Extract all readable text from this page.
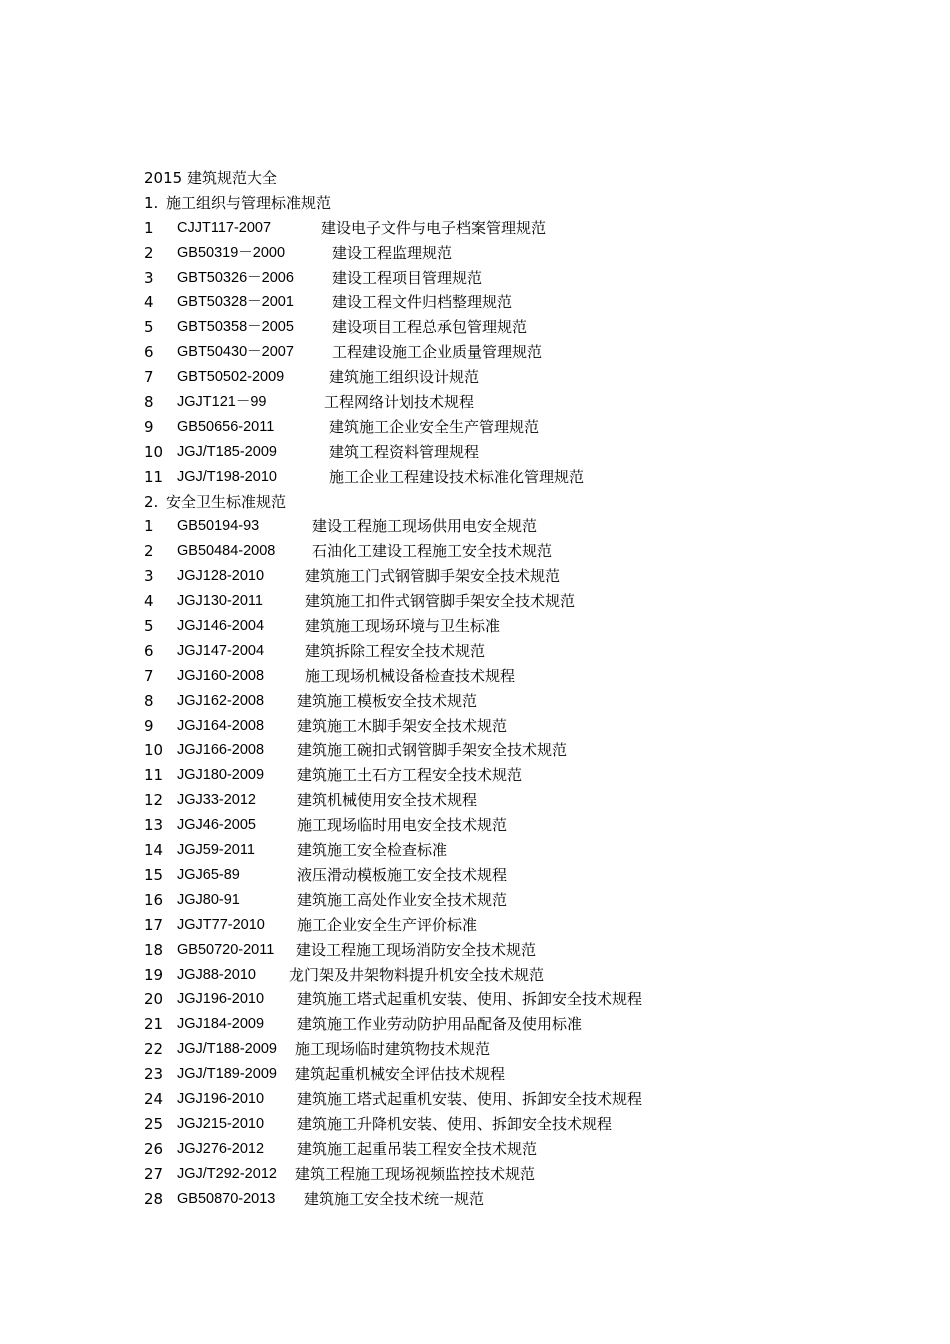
2015 建筑规范大全
1. 施工组织与管理标准规范
1 CJJT117-2007	建设电子文件与电子档案管理规范
2 GB50319－2000	建设工程监理规范
3 GBT50326－2006	建设工程项目管理规范
4 GBT50328－2001	建设工程文件归档整理规范
5 GBT50358－2005	建设项目工程总承包管理规范
6 GBT50430－2007	工程建设施工企业质量管理规范
7 GBT50502-2009	建筑施工组织设计规范
8 JGJT121－99	工程网络计划技术规程
9 GB50656-2011	建筑施工企业安全生产管理规范
10 JGJ/T185-2009	建筑工程资料管理规程
11 JGJ/T198-2010	施工企业工程建设技术标准化管理规范
2. 安全卫生标准规范
1 GB50194-93	建设工程施工现场供用电安全规范
2 GB50484-2008 石油化工建设工程施工安全技术规范
3 JGJ128-2010	建筑施工门式钢管脚手架安全技术规范
4 JGJ130-2011	建筑施工扣件式钢管脚手架安全技术规范
5 JGJ146-2004	建筑施工现场环境与卫生标准
6 JGJ147-2004	建筑拆除工程安全技术规范
7 JGJ160-2008	施工现场机械设备检查技术规程
8 JGJ162-2008 建筑施工模板安全技术规范
9 JGJ164-2008 建筑施工木脚手架安全技术规范
10 JGJ166-2008 建筑施工碗扣式钢管脚手架安全技术规范
11 JGJ180-2009 建筑施工土石方工程安全技术规范
12 JGJ33-2012	建筑机械使用安全技术规程
13 JGJ46-2005	施工现场临时用电安全技术规范
14 JGJ59-2011	建筑施工安全检查标准
15 JGJ65-89	液压滑动模板施工安全技术规程
16 JGJ80-91	建筑施工高处作业安全技术规范
17 JGJT77-2010 施工企业安全生产评价标准
18 GB50720-2011 建设工程施工现场消防安全技术规范
19 JGJ88-2010 龙门架及井架物料提升机安全技术规范
20 JGJ196-2010 建筑施工塔式起重机安装、使用、拆卸安全技术规程
21 JGJ184-2009 建筑施工作业劳动防护用品配备及使用标准
22 JGJ/T188-2009 施工现场临时建筑物技术规范
23 JGJ/T189-2009 建筑起重机械安全评估技术规程
24 JGJ196-2010 建筑施工塔式起重机安装、使用、拆卸安全技术规程
25 JGJ215-2010 建筑施工升降机安装、使用、拆卸安全技术规程
26 JGJ276-2012 建筑施工起重吊装工程安全技术规范
27 JGJ/T292-2012 建筑工程施工现场视频监控技术规范
28 GB50870-2013 建筑施工安全技术统一规范
